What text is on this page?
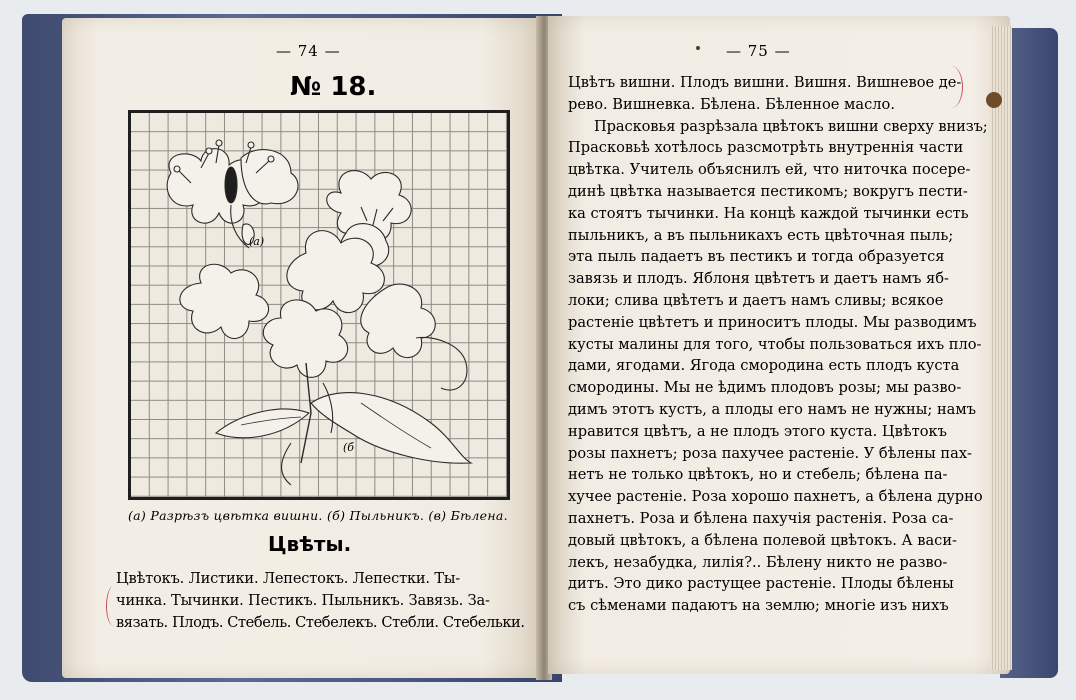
— 74 —
№ 18.
(a)
(б
(а) Разрѣзъ цвѣтка вишни. (б) Пыльникъ. (в) Бѣлена.
Цвѣты.
Цвѣтокъ. Листики. Лепестокъ. Лепестки. Ты-
чинка. Тычинки. Пестикъ. Пыльникъ. Завязь. За-
вязать. Плодъ. Стебель. Стебелекъ. Стебли. Стебельки.
— 75 —
Цвѣтъ вишни. Плодъ вишни. Вишня. Вишневое де-
рево. Вишневка. Бѣлена. Бѣленное масло.
Прасковья разрѣзала цвѣтокъ вишни сверху внизъ;
Прасковьѣ хотѣлось разсмотрѣть внутреннія части
цвѣтка. Учитель объяснилъ ей, что ниточка посере-
динѣ цвѣтка называется пестикомъ; вокругъ пести-
ка стоятъ тычинки. На концѣ каждой тычинки есть
пыльникъ, а въ пыльникахъ есть цвѣточная пыль;
эта пыль падаетъ въ пестикъ и тогда образуется
завязь и плодъ. Яблоня цвѣтетъ и даетъ намъ яб-
локи; слива цвѣтетъ и даетъ намъ сливы; всякое
растеніе цвѣтетъ и приноситъ плоды. Мы разводимъ
кусты малины для того, чтобы пользоваться ихъ пло-
дами, ягодами. Ягода смородина есть плодъ куста
смородины. Мы не ѣдимъ плодовъ розы; мы разво-
димъ этотъ кустъ, а плоды его намъ не нужны; намъ
нравится цвѣтъ, а не плодъ этого куста. Цвѣтокъ
розы пахнетъ; роза пахучее растеніе. У бѣлены пах-
нетъ не только цвѣтокъ, но и стебель; бѣлена па-
хучее растеніе. Роза хорошо пахнетъ, а бѣлена дурно
пахнетъ. Роза и бѣлена пахучія растенія. Роза са-
довый цвѣтокъ, а бѣлена полевой цвѣтокъ. А васи-
лекъ, незабудка, лилія?.. Бѣлену никто не разво-
дитъ. Это дико растущее растеніе. Плоды бѣлены
съ сѣменами падаютъ на землю; многіе изъ нихъ
